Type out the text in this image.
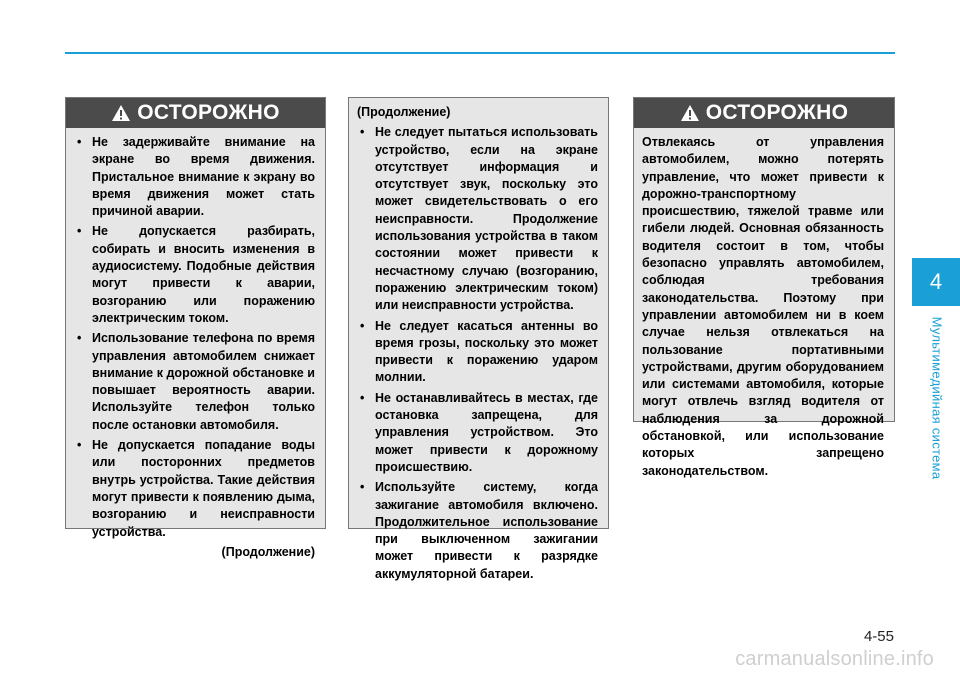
ОСТОРОЖНО
• Не задерживайте внимание на экране во время движения. Пристальное внимание к экрану во время движения может стать причиной аварии.
• Не допускается разбирать, собирать и вносить изменения в аудиосистему. Подобные действия могут привести к аварии, возгоранию или поражению электрическим током.
• Использование телефона по время управления автомобилем снижает внимание к дорожной обстановке и повышает вероятность аварии. Используйте телефон только после остановки автомобиля.
• Не допускается попадание воды или посторонних предметов внутрь устройства. Такие действия могут привести к появлению дыма, возгоранию и неисправности устройства.
(Продолжение)
(Продолжение)
• Не следует пытаться использовать устройство, если на экране отсутствует информация и отсутствует звук, поскольку это может свидетельствовать о его неисправности. Продолжение использования устройства в таком состоянии может привести к несчастному случаю (возгоранию, поражению электрическим током) или неисправности устройства.
• Не следует касаться антенны во время грозы, поскольку это может привести к поражению ударом молнии.
• Не останавливайтесь в местах, где остановка запрещена, для управления устройством. Это может привести к дорожному происшествию.
• Используйте систему, когда зажигание автомобиля включено. Продолжительное использование при выключенном зажигании может привести к разрядке аккумуляторной батареи.
ОСТОРОЖНО
Отвлекаясь от управления автомобилем, можно потерять управление, что может привести к дорожно-транспортному происшествию, тяжелой травме или гибели людей. Основная обязанность водителя состоит в том, чтобы безопасно управлять автомобилем, соблюдая требования законодательства. Поэтому при управлении автомобилем ни в коем случае нельзя отвлекаться на пользование портативными устройствами, другим оборудованием или системами автомобиля, которые могут отвлечь взгляд водителя от наблюдения за дорожной обстановкой, или использование которых запрещено законодательством.
4
Мультимедийная система
4-55
carmanualsonline.info
